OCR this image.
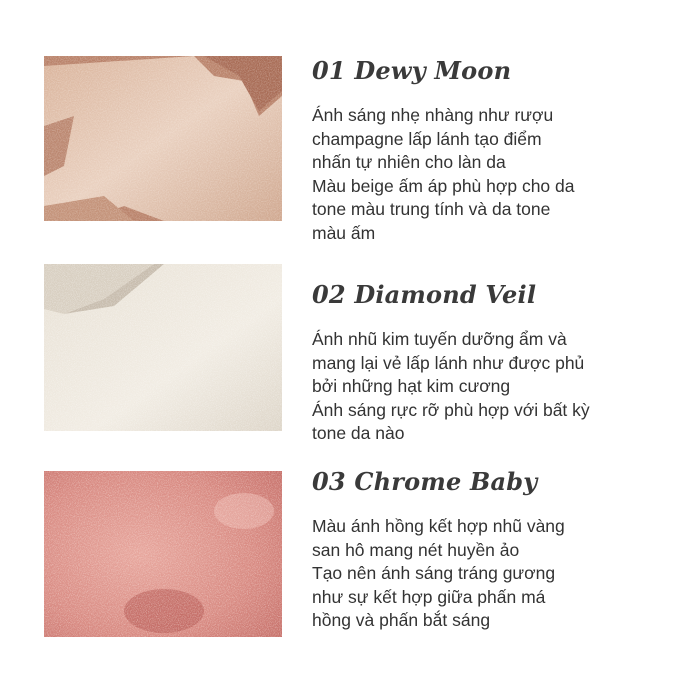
01 Dewy Moon
Ánh sáng nhẹ nhàng như rượu
champagne lấp lánh tạo điểm
nhấn tự nhiên cho làn da
Màu beige ấm áp phù hợp cho da
tone màu trung tính và da tone
màu ấm
02 Diamond Veil
Ánh nhũ kim tuyến dưỡng ẩm và
mang lại vẻ lấp lánh như được phủ
bởi những hạt kim cương
Ánh sáng rực rỡ phù hợp với bất kỳ
tone da nào
03 Chrome Baby
Màu ánh hồng kết hợp nhũ vàng
san hô mang nét huyền ảo
Tạo nên ánh sáng tráng gương
như sự kết hợp giữa phấn má
hồng và phấn bắt sáng
